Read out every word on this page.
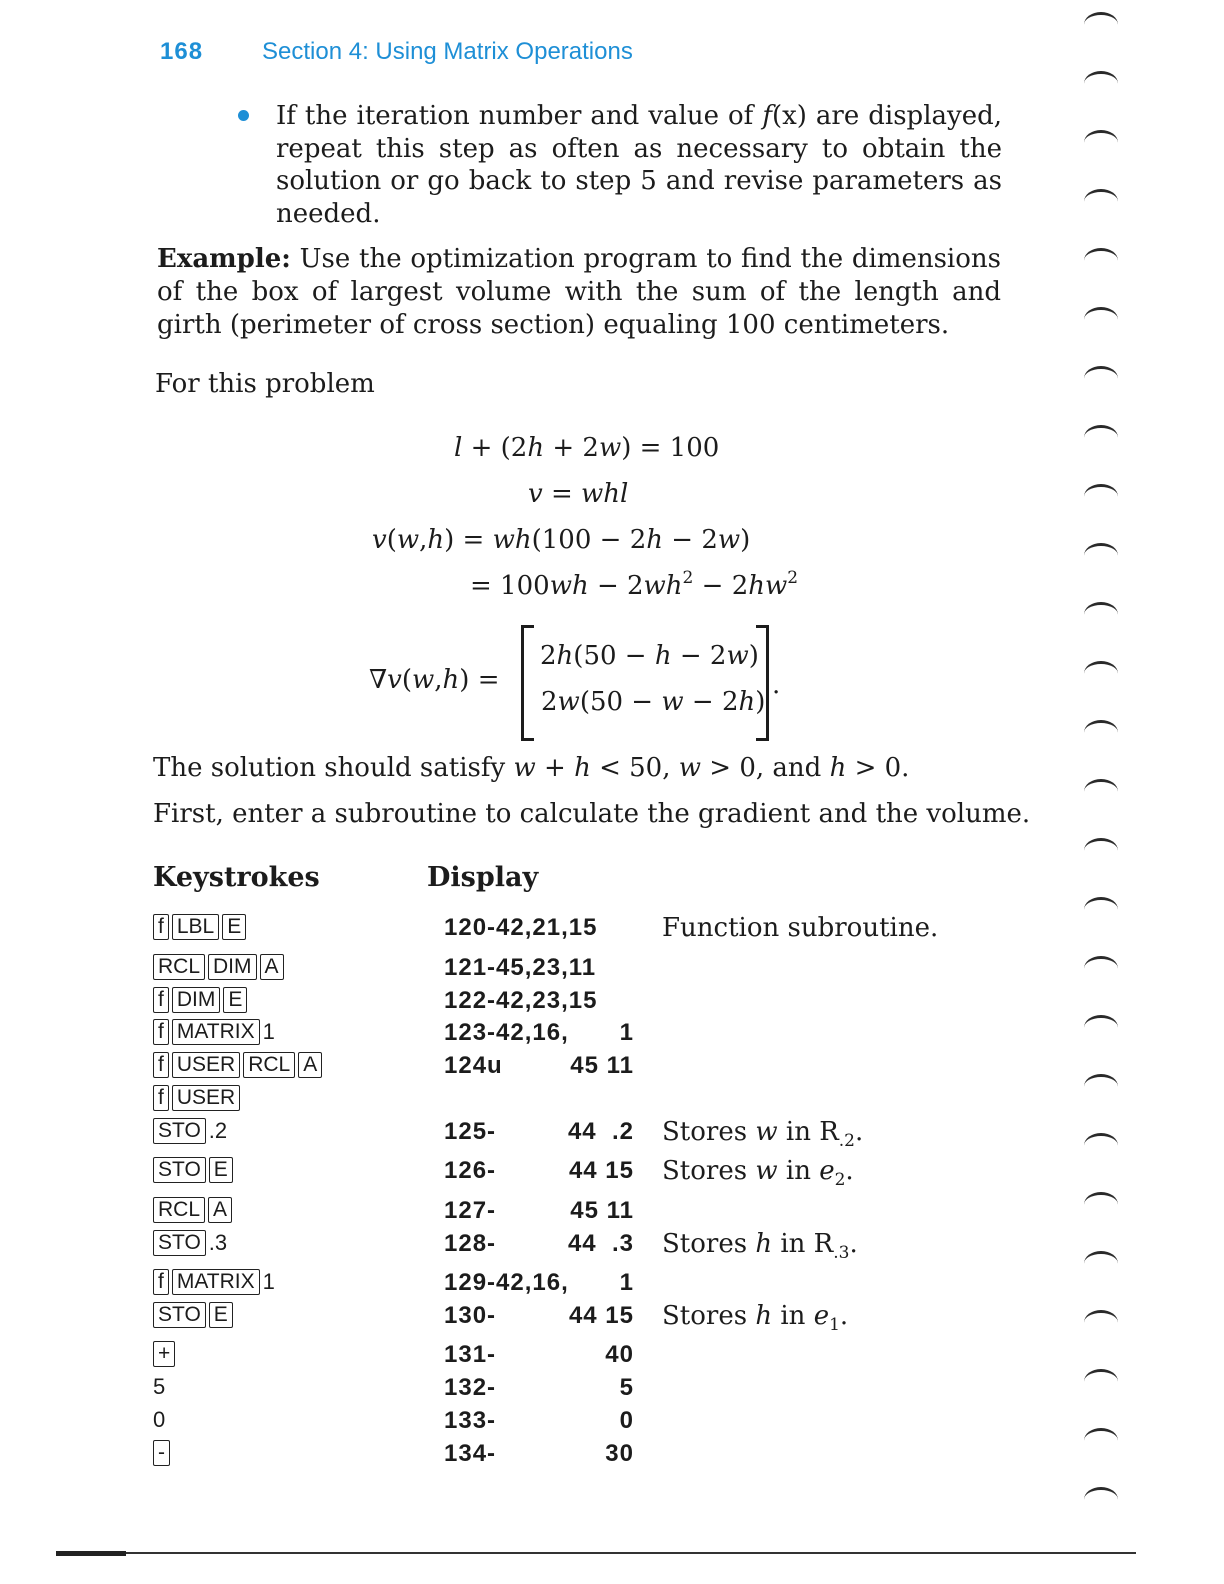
168 Section 4: Using Matrix Operations
If the iteration number and value of f(x) are displayed, repeat this step as often as necessary to obtain the solution or go back to step 5 and revise parameters as needed.
Example: Use the optimization program to find the dimensions of the box of largest volume with the sum of the length and girth (perimeter of cross section) equaling 100 centimeters.
For this problem
l + (2h + 2w) = 100
v = whl
v(w,h) = wh(100 − 2h − 2w)
= $100wh - 2wh^2 - 2hw^2$
∇v(w,h) =
2h(50 − h − 2w)
2w(50 − w − 2h)
.
The solution should satisfy w + h < 50, w > 0, and h > 0.
First, enter a subroutine to calculate the gradient and the volume.
Keystrokes	Display
f LBL E	120-42,21,15 Function subroutine.
RCL DIM A	121-45,23,11
f DIM E	122-42,23,15
f MATRIX 1	123-42,16, 1
f USER RCL A	124u	45 11
f USER
STO .2	125-	44  .2 Stores w in $R_{.2}$.
STO E	126-	44 15 Stores w in $e_2$.
RCL A	127-	45 11
STO .3	128-	44  .3 Stores h in $R_{.3}$.
f MATRIX 1	129-42,16, 1
STO E	130-	44 15 Stores h in $e_1$.
+	131-	40
5	132-	5
0	133-	0
-	134-	30
